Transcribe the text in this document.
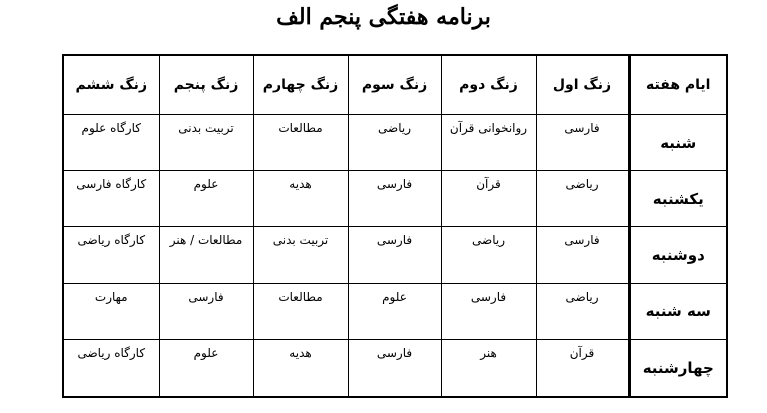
برنامه هفتگی پنجم الف
ایام هفته	زنگ اول	زنگ دوم	زنگ سوم	زنگ چهارم	زنگ پنجم	زنگ ششم
شنبه	فارسی	روانخوانی قرآن	ریاضی	مطالعات	تربیت بدنی	کارگاه علوم
یکشنبه	ریاضی	قرآن	فارسی	هدیه	علوم	کارگاه فارسی
دوشنبه	فارسی	ریاضی	فارسی	تربیت بدنی	مطالعات / هنر	کارگاه ریاضی
سه شنبه	ریاضی	فارسی	علوم	مطالعات	فارسی	مهارت
چهارشنبه	قرآن	هنر	فارسی	هدیه	علوم	کارگاه ریاضی
